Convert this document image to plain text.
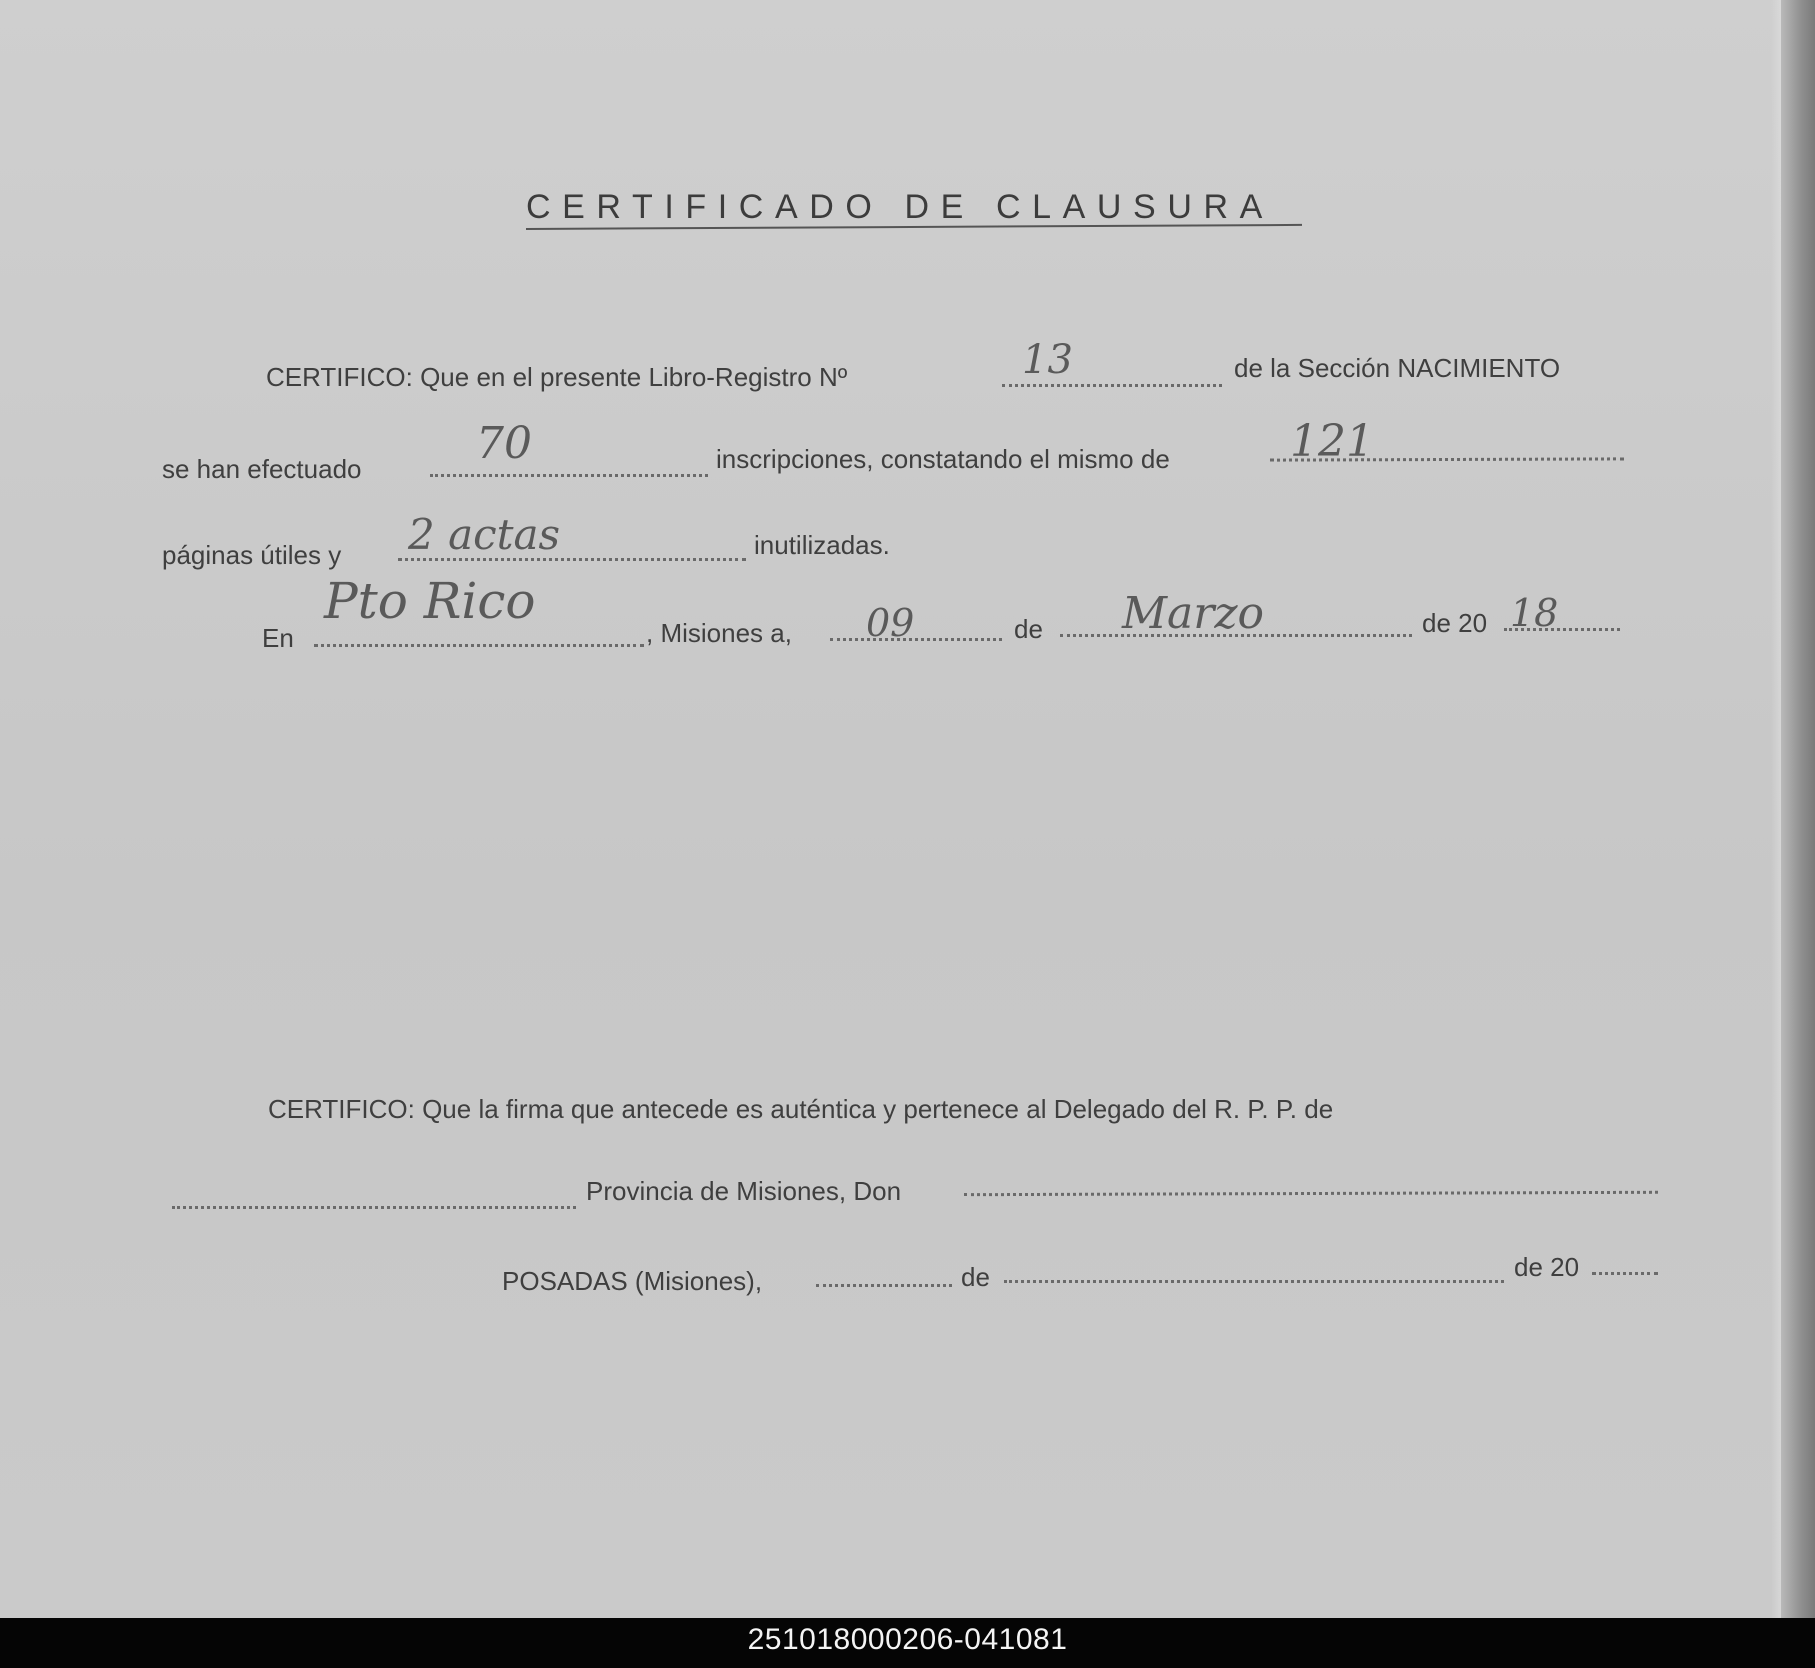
CERTIFICADO DE CLAUSURA
CERTIFICO: Que en el presente Libro-Registro Nº	13	de la Sección NACIMIENTO
se han efectuado	70	inscripciones, constatando el mismo de	121
páginas útiles y 2 actas	inutilizadas.
En
Pto Rico
, Misiones a, 09	de Marzo	de 20 18
CERTIFICO: Que la firma que antecede es auténtica y pertenece al Delegado del R. P. P. de
Provincia de Misiones, Don
POSADAS (Misiones),	de	de 20
251018000206-041081
